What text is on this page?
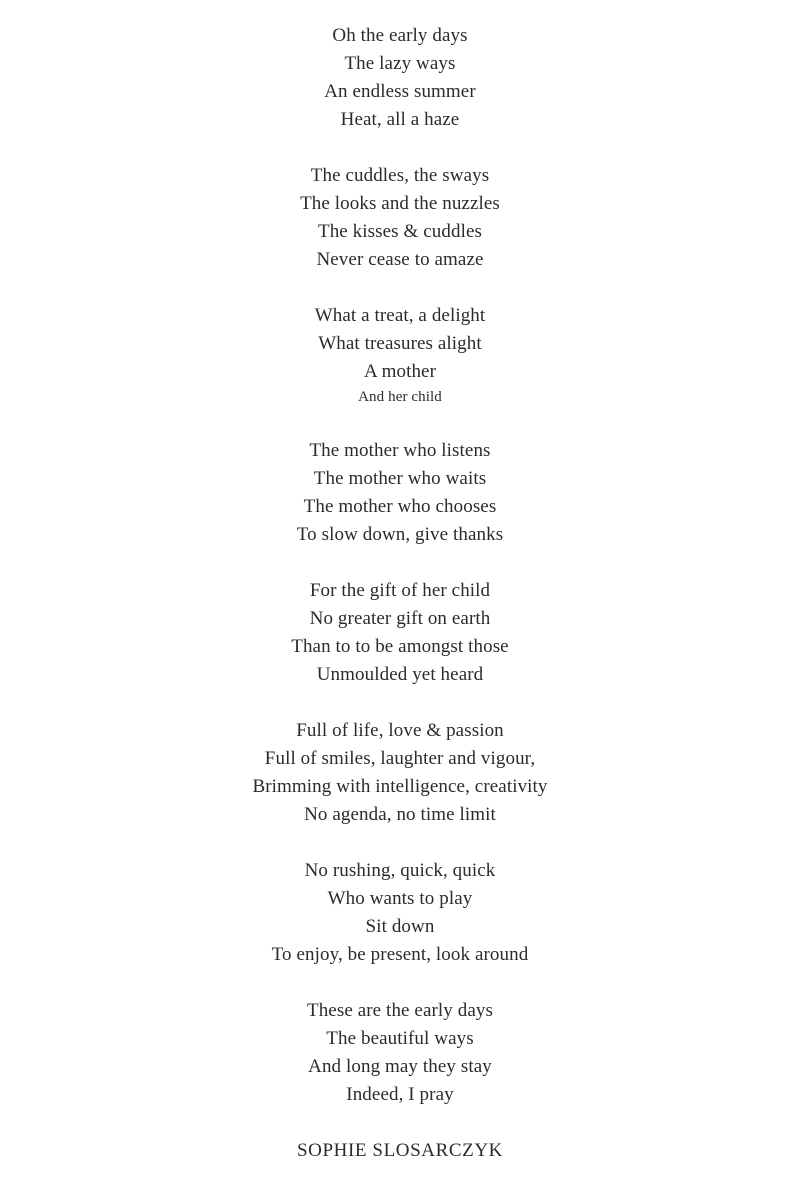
Oh the early days
The lazy ways
An endless summer
Heat, all a haze
The cuddles, the sways
The looks and the nuzzles
The kisses & cuddles
Never cease to amaze
What a treat, a delight
What treasures alight
A mother
And her child
The mother who listens
The mother who waits
The mother who chooses
To slow down, give thanks
For the gift of her child
No greater gift on earth
Than to to be amongst those
Unmoulded yet heard
Full of life, love & passion
Full of smiles, laughter and vigour,
Brimming with intelligence, creativity
No agenda, no time limit
No rushing, quick, quick
Who wants to play
Sit down
To enjoy, be present, look around
These are the early days
The beautiful ways
And long may they stay
Indeed, I pray
SOPHIE SLOSARCZYK
